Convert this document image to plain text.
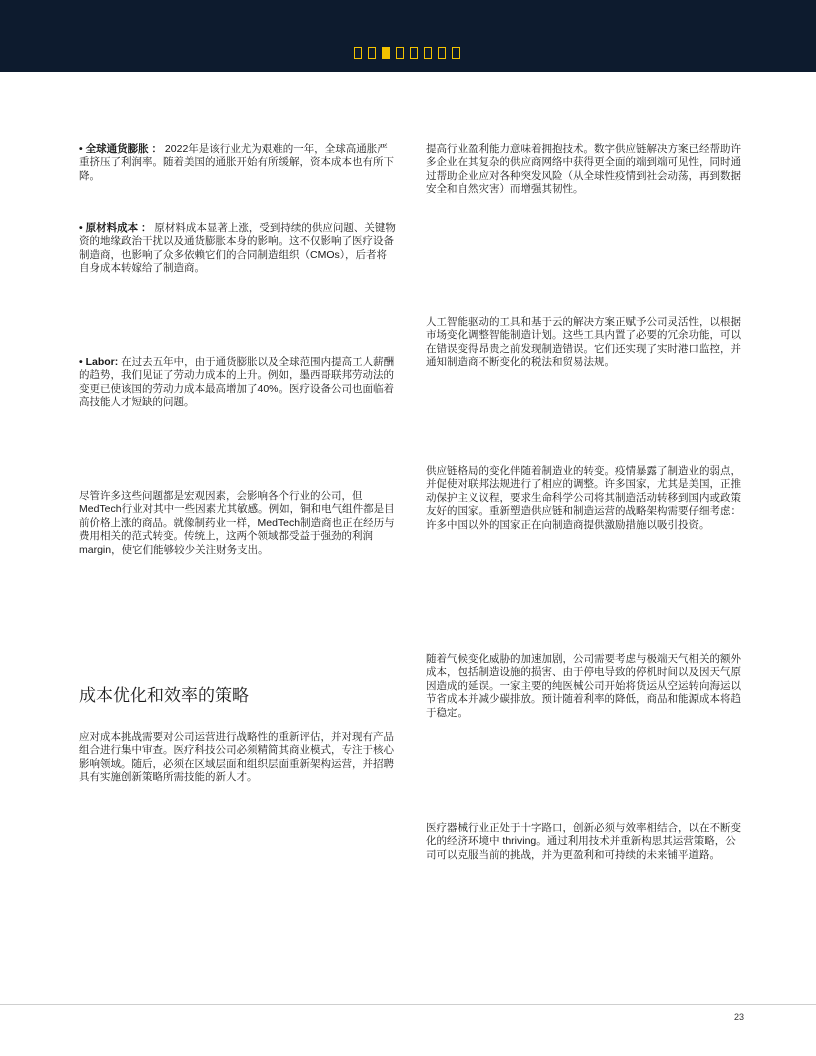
• 全球通货膨胀 ： 2022年是该行业尤为艰难的一年，全球高通胀严重挤压了利润率。随着美国的通胀开始有所缓解，资本成本也有所下降。

• 原材料成本 ： 原材料成本显著上涨，受到持续的供应问题、关键物资的地缘政治干扰以及通货膨胀本身的影响。这不仅影响了医疗设备制造商，也影响了众多依赖它们的合同制造组织（CMOs），后者将自身成本转嫁给了制造商。

• Labor: 在过去五年中，由于通货膨胀以及全球范围内提高工人薪酬的趋势，我们见证了劳动力成本的上升。例如，墨西哥联邦劳动法的变更已使该国的劳动力成本最高增加了40%。医疗设备公司也面临着高技能人才短缺的问题。

尽管许多这些问题都是宏观因素，会影响各个行业的公司，但MedTech行业对其中一些因素尤其敏感。例如，铜和电气组件都是目前价格上涨的商品。就像制药业一样，MedTech制造商也正在经历与费用相关的范式转变。传统上，这两个领域都受益于强劲的利润 margin，使它们能够较少关注财务支出。

成本优化和效率的策略

应对成本挑战需要对公司运营进行战略性的重新评估，并对现有产品组合进行集中审查。医疗科技公司必须精简其商业模式，专注于核心影响领域。随后，必须在区域层面和组织层面重新架构运营，并招聘具有实施创新策略所需技能的新人才。

提高行业盈利能力意味着拥抱技术。数字供应链解决方案已经帮助许多企业在其复杂的供应商网络中获得更全面的端到端可见性，同时通过帮助企业应对各种突发风险（从全球性疫情到社会动荡，再到数据安全和自然灾害）而增强其韧性。

人工智能驱动的工具和基于云的解决方案正赋予公司灵活性，以根据市场变化调整智能制造计划。这些工具内置了必要的冗余功能，可以在错误变得昂贵之前发现制造错误。它们还实现了实时港口监控，并通知制造商不断变化的税法和贸易法规。

供应链格局的变化伴随着制造业的转变。疫情暴露了制造业的弱点，并促使对联邦法规进行了相应的调整。许多国家，尤其是美国，正推动保护主义议程，要求生命科学公司将其制造活动转移到国内或政策友好的国家。重新塑造供应链和制造运营的战略架构需要仔细考虑：许多中国以外的国家正在向制造商提供激励措施以吸引投资。

随着气候变化威胁的加速加剧，公司需要考虑与极端天气相关的额外成本，包括制造设施的损害、由于停电导致的停机时间以及因天气原因造成的延误。一家主要的纯医械公司开始将货运从空运转向海运以节省成本并减少碳排放。预计随着利率的降低，商品和能源成本将趋于稳定。

医疗器械行业正处于十字路口，创新必须与效率相结合，以在不断变化的经济环境中 thriving。通过利用技术并重新构思其运营策略，公司可以克服当前的挑战，并为更盈利和可持续的未来铺平道路。

23
